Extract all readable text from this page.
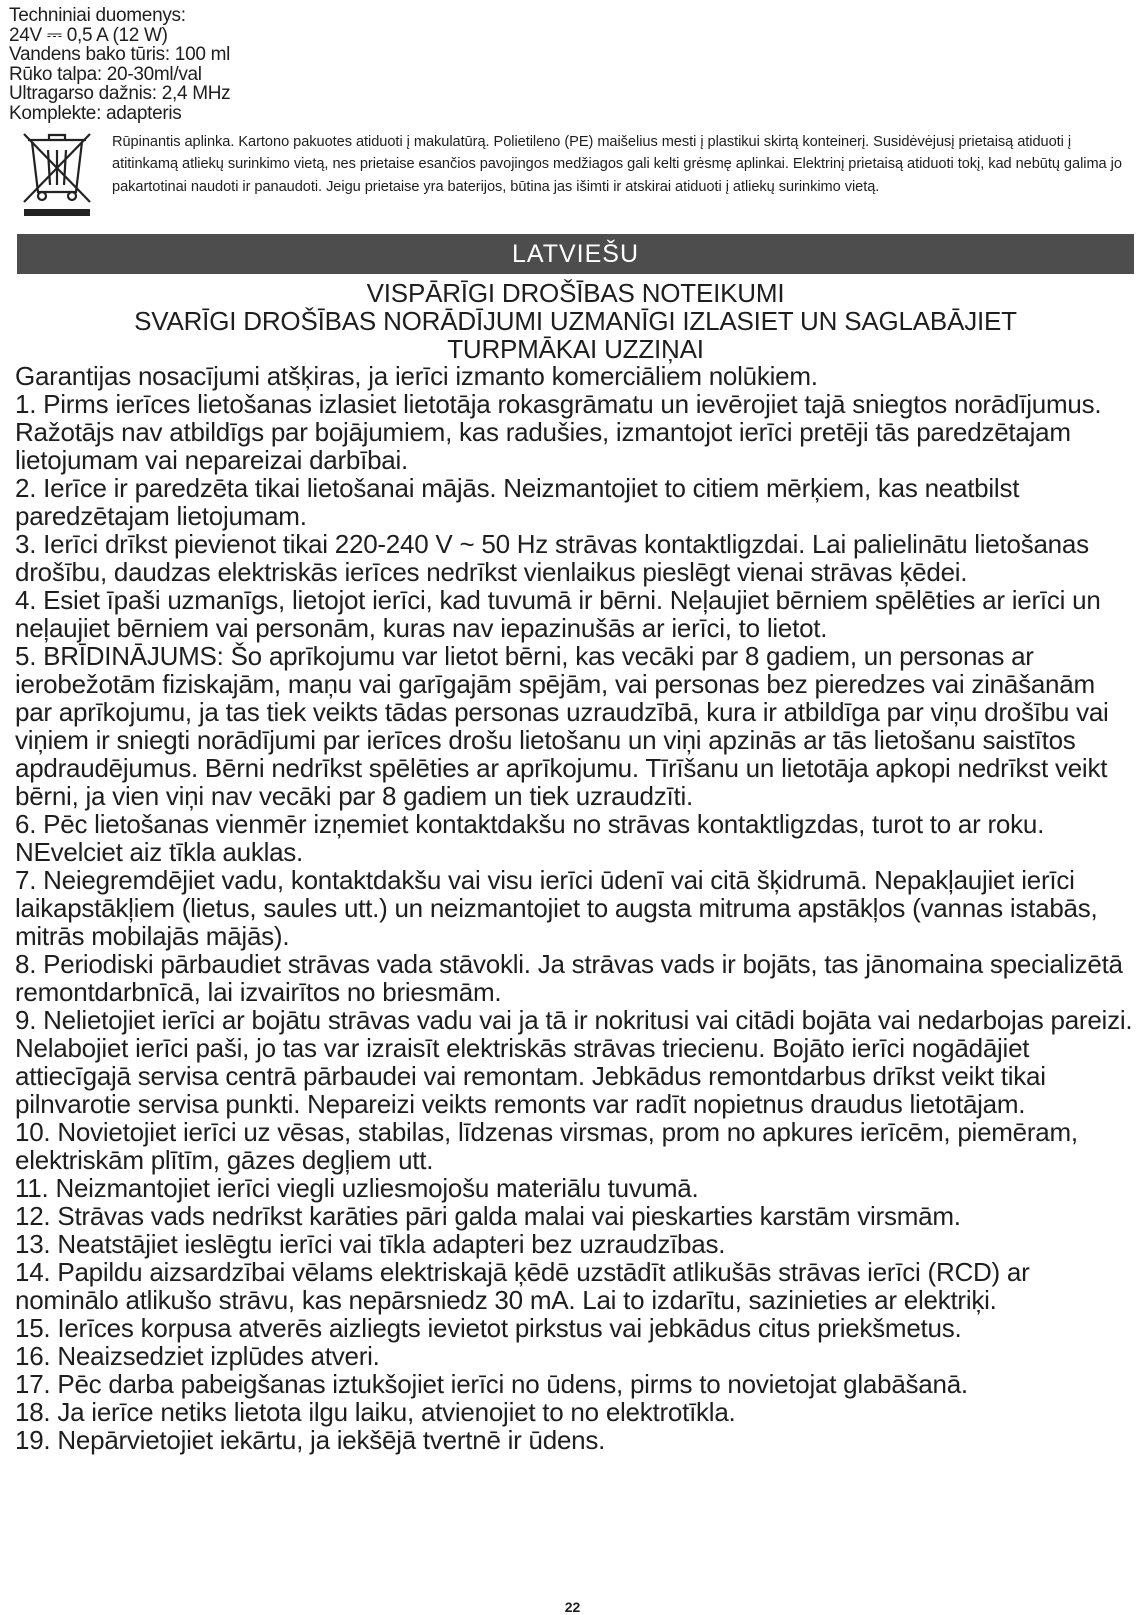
Techniniai duomenys:
24V ⎓ 0,5 A (12 W)
Vandens bako tūris: 100 ml
Rūko talpa: 20-30ml/val
Ultragarso dažnis: 2,4 MHz
Komplekte: adapteris
Rūpinantis aplinka. Kartono pakuotes atiduoti į makulatūrą. Polietileno (PE) maišelius mesti į plastikui skirtą konteinerį. Susidėvėjusį prietaisą atiduoti į atitinkamą atliekų surinkimo vietą, nes prietaise esančios pavojingos medžiagos gali kelti grėsmę aplinkai. Elektrinį prietaisą atiduoti tokį, kad nebūtų galima jo pakartotinai naudoti ir panaudoti. Jeigu prietaise yra baterijos, būtina jas išimti ir atskirai atiduoti į atliekų surinkimo vietą.
LATVIEŠU
VISPĀRĪGI DROŠĪBAS NOTEIKUMI
SVARĪGI DROŠĪBAS NORĀDĪJUMI UZMANĪGI IZLASIET UN SAGLABĀJIET
TURPMĀKAI UZZIŅAI

Garantijas nosacījumi atšķiras, ja ierīci izmanto komerciāliem nolūkiem.

1. Pirms ierīces lietošanas izlasiet lietotāja rokasgrāmatu un ievērojiet tajā sniegtos norādījumus. Ražotājs nav atbildīgs par bojājumiem, kas radušies, izmantojot ierīci pretēji tās paredzētajam lietojumam vai nepareizai darbībai.

2. Ierīce ir paredzēta tikai lietošanai mājās. Neizmantojiet to citiem mērķiem, kas neatbilst paredzētajam lietojumam.

3. Ierīci drīkst pievienot tikai 220-240 V ~ 50 Hz strāvas kontaktligzdai. Lai palielinātu lietošanas drošību, daudzas elektriskās ierīces nedrīkst vienlaikus pieslēgt vienai strāvas ķēdei.

4. Esiet īpaši uzmanīgs, lietojot ierīci, kad tuvumā ir bērni. Neļaujiet bērniem spēlēties ar ierīci un neļaujiet bērniem vai personām, kuras nav iepazinušās ar ierīci, to lietot.

5. BRĪDINĀJUMS: Šo aprīkojumu var lietot bērni, kas vecāki par 8 gadiem, un personas ar ierobežotām fiziskajām, maņu vai garīgajām spējām, vai personas bez pieredzes vai zināšanām par aprīkojumu, ja tas tiek veikts tādas personas uzraudzībā, kura ir atbildīga par viņu drošību vai viņiem ir sniegti norādījumi par ierīces drošu lietošanu un viņi apzinās ar tās lietošanu saistītos apdraudējumus. Bērni nedrīkst spēlēties ar aprīkojumu. Tīrīšanu un lietotāja apkopi nedrīkst veikt bērni, ja vien viņi nav vecāki par 8 gadiem un tiek uzraudzīti.

6. Pēc lietošanas vienmēr izņemiet kontaktdakšu no strāvas kontaktligzdas, turot to ar roku. NEvelciet aiz tīkla auklas.

7. Neiegremdējiet vadu, kontaktdakšu vai visu ierīci ūdenī vai citā šķidrumā. Nepakļaujiet ierīci laikapstākļiem (lietus, saules utt.) un neizmantojiet to augsta mitruma apstākļos (vannas istabās, mitrās mobilajās mājās).

8. Periodiski pārbaudiet strāvas vada stāvokli. Ja strāvas vads ir bojāts, tas jānomaina specializētā remontdarbnīcā, lai izvairītos no briesmām.

9. Nelietojiet ierīci ar bojātu strāvas vadu vai ja tā ir nokritusi vai citādi bojāta vai nedarbojas pareizi. Nelabojiet ierīci paši, jo tas var izraisīt elektriskās strāvas triecienu. Bojāto ierīci nogādājiet attiecīgajā servisa centrā pārbaudei vai remontam. Jebkādus remontdarbus drīkst veikt tikai pilnvarotie servisa punkti. Nepareizi veikts remonts var radīt nopietnus draudus lietotājam.

10. Novietojiet ierīci uz vēsas, stabilas, līdzenas virsmas, prom no apkures ierīcēm, piemēram, elektriskām plītīm, gāzes degļiem utt.

11. Neizmantojiet ierīci viegli uzliesmojošu materiālu tuvumā.

12. Strāvas vads nedrīkst karāties pāri galda malai vai pieskarties karstām virsmām.

13. Neatstājiet ieslēgtu ierīci vai tīkla adapteri bez uzraudzības.

14. Papildu aizsardzībai vēlams elektriskajā ķēdē uzstādīt atlikušās strāvas ierīci (RCD) ar nominālo atlikušo strāvu, kas nepārsniedz 30 mA. Lai to izdarītu, sazinieties ar elektriķi.

15. Ierīces korpusa atverēs aizliegts ievietot pirkstus vai jebkādus citus priekšmetus.

16. Neaizsedziet izplūdes atveri.

17. Pēc darba pabeigšanas iztukšojiet ierīci no ūdens, pirms to novietojat glabāšanā.

18. Ja ierīce netiks lietota ilgu laiku, atvienojiet to no elektrotīkla.

19. Nepārvietojiet iekārtu, ja iekšējā tvertnē ir ūdens.

22
